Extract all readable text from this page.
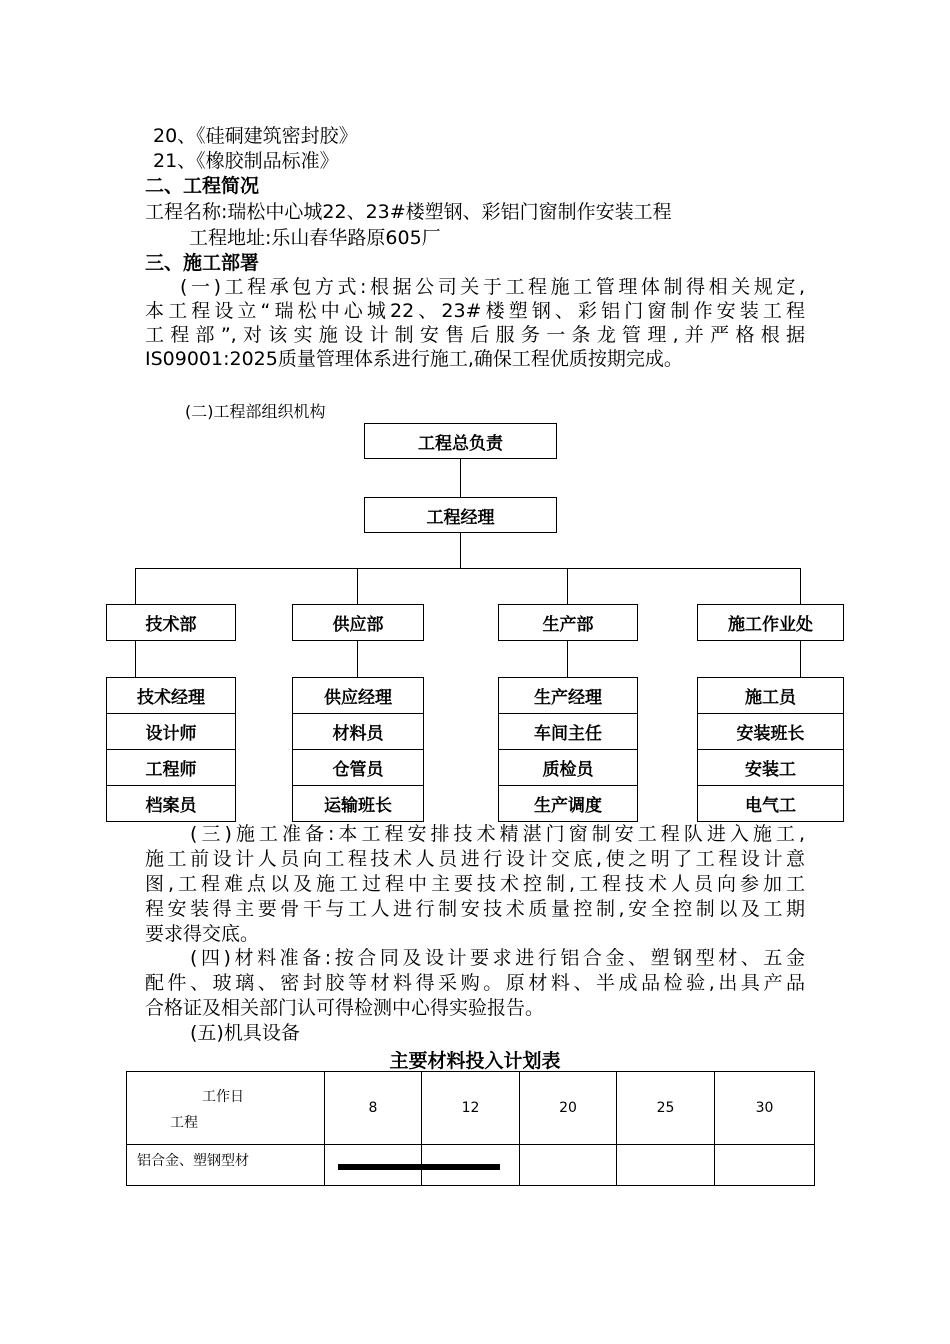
20、《硅硐建筑密封胶》
21、《橡胶制品标准》
二、工程简况
工程名称:瑞松中心城22、23#楼塑钢、彩铝门窗制作安装工程
工程地址:乐山春华路原605厂
三、施工部署
(一)工程承包方式:根据公司关于工程施工管理体制得相关规定,
本工程设立“瑞松中心城22、23#楼塑钢、彩铝门窗制作安装工程
工程部”,对该实施设计制安售后服务一条龙管理,并严格根据
IS09001:2025质量管理体系进行施工,确保工程优质按期完成。
(二)工程部组织机构
工程总负责
工程经理
技术部	供应部	生产部	施工作业处
技术经理
设计师
工程师
档案员
供应经理
材料员
仓管员
运输班长
生产经理
车间主任
质检员
生产调度
施工员
安装班长
安装工
电气工
(三)施工准备:本工程安排技术精湛门窗制安工程队进入施工,
施工前设计人员向工程技术人员进行设计交底,使之明了工程设计意
图,工程难点以及施工过程中主要技术控制,工程技术人员向参加工
程安装得主要骨干与工人进行制安技术质量控制,安全控制以及工期
要求得交底。
(四)材料准备:按合同及设计要求进行铝合金、塑钢型材、五金
配件、玻璃、密封胶等材料得采购。原材料、半成品检验,出具产品
合格证及相关部门认可得检测中心得实验报告。
(五)机具设备
主要材料投入计划表
工作日
工程	8	12	20	25	30
铝合金、塑钢型材					
